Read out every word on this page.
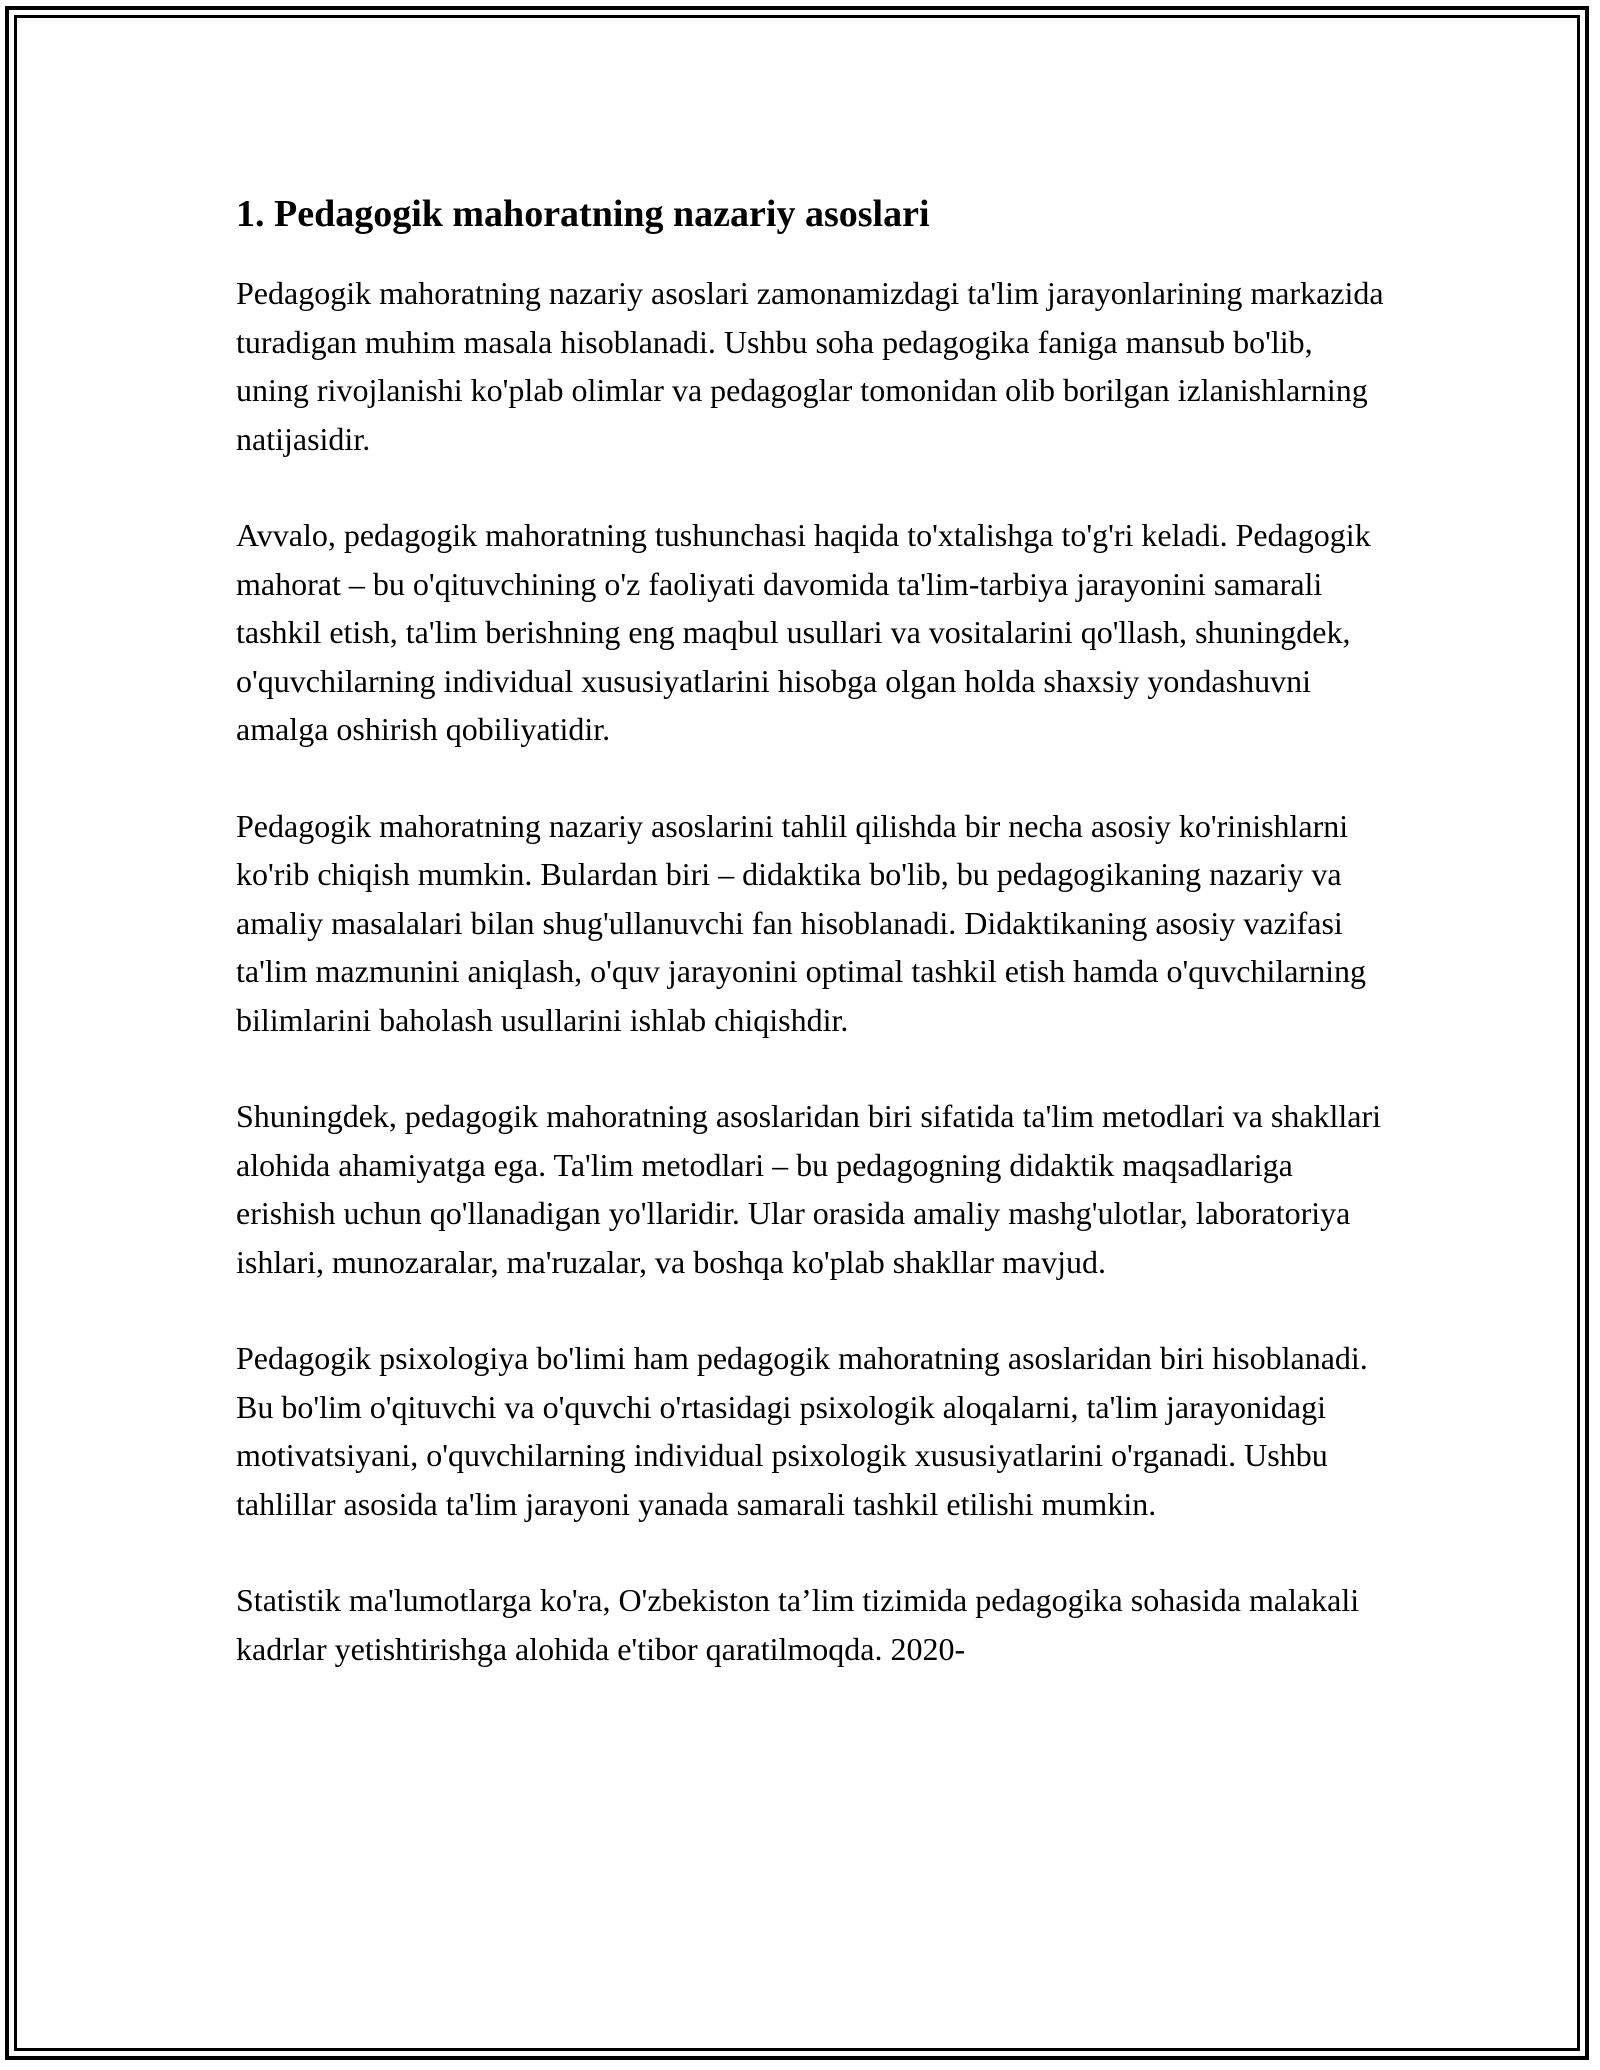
1. Pedagogik mahoratning nazariy asoslari

Pedagogik mahoratning nazariy asoslari zamonamizdagi ta'lim jarayonlarining markazida turadigan muhim masala hisoblanadi. Ushbu soha pedagogika faniga mansub bo'lib, uning rivojlanishi ko'plab olimlar va pedagoglar tomonidan olib borilgan izlanishlarning natijasidir.

Avvalo, pedagogik mahoratning tushunchasi haqida to'xtalishga to'g'ri keladi. Pedagogik mahorat – bu o'qituvchining o'z faoliyati davomida ta'lim-tarbiya jarayonini samarali tashkil etish, ta'lim berishning eng maqbul usullari va vositalarini qo'llash, shuningdek, o'quvchilarning individual xususiyatlarini hisobga olgan holda shaxsiy yondashuvni amalga oshirish qobiliyatidir.

Pedagogik mahoratning nazariy asoslarini tahlil qilishda bir necha asosiy ko'rinishlarni ko'rib chiqish mumkin. Bulardan biri – didaktika bo'lib, bu pedagogikaning nazariy va amaliy masalalari bilan shug'ullanuvchi fan hisoblanadi. Didaktikaning asosiy vazifasi ta'lim mazmunini aniqlash, o'quv jarayonini optimal tashkil etish hamda o'quvchilarning bilimlarini baholash usullarini ishlab chiqishdir.

Shuningdek, pedagogik mahoratning asoslaridan biri sifatida ta'lim metodlari va shakllari alohida ahamiyatga ega. Ta'lim metodlari – bu pedagogning didaktik maqsadlariga erishish uchun qo'llanadigan yo'llaridir. Ular orasida amaliy mashg'ulotlar, laboratoriya ishlari, munozaralar, ma'ruzalar, va boshqa ko'plab shakllar mavjud.

Pedagogik psixologiya bo'limi ham pedagogik mahoratning asoslaridan biri hisoblanadi. Bu bo'lim o'qituvchi va o'quvchi o'rtasidagi psixologik aloqalarni, ta'lim jarayonidagi motivatsiyani, o'quvchilarning individual psixologik xususiyatlarini o'rganadi. Ushbu tahlillar asosida ta'lim jarayoni yanada samarali tashkil etilishi mumkin.

Statistik ma'lumotlarga ko'ra, O'zbekiston ta’lim tizimida pedagogika sohasida malakali kadrlar yetishtirishga alohida e'tibor qaratilmoqda. 2020-
